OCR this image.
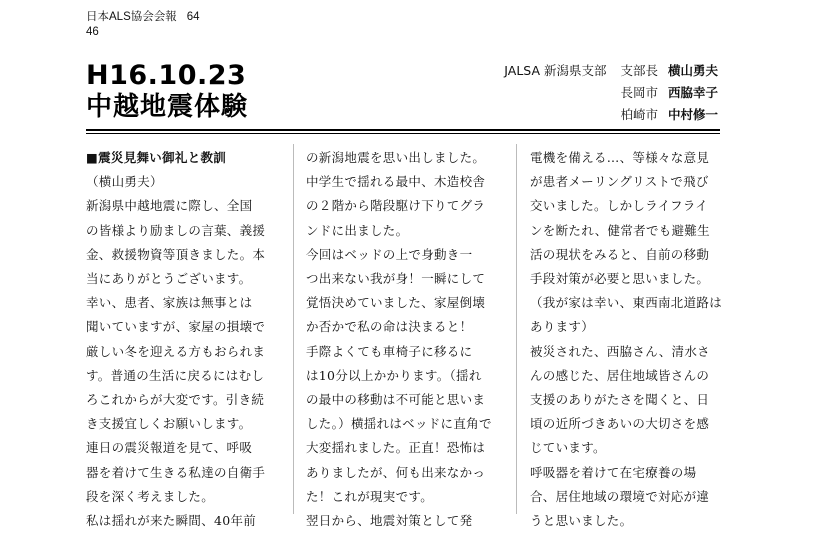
日本ALS協会会報 64
46
H16.10.23
中越地震体験
JALSA 新潟県支部 支部長 横山勇夫
長岡市 西脇幸子
柏崎市 中村修一

■震災見舞い御礼と教訓

（横山勇夫）

新潟県中越地震に際し、全国

の皆様より励ましの言葉、義援

金、救援物資等頂きました。本

当にありがとうございます。

幸い、患者、家族は無事とは

聞いていますが、家屋の損壊で

厳しい冬を迎える方もおられま

す。普通の生活に戻るにはむし

ろこれからが大変です。引き続

き支援宜しくお願いします。

連日の震災報道を見て、呼吸

器を着けて生きる私達の自衛手

段を深く考えました。

私は揺れが来た瞬間、40年前

の新潟地震を思い出しました。

中学生で揺れる最中、木造校舎

の２階から階段駆け下りてグラ

ンドに出ました。

今回はベッドの上で身動き一

つ出来ない我が身！一瞬にして

覚悟決めていました、家屋倒壊

か否かで私の命は決まると！

手際よくても車椅子に移るに

は10分以上かかります。（揺れ

の最中の移動は不可能と思いま

した。）横揺れはベッドに直角で

大変揺れました。正直！恐怖は

ありましたが、何も出来なかっ

た！これが現実です。

翌日から、地震対策として発

電機を備える…、等様々な意見

が患者メーリングリストで飛び

交いました。しかしライフライ

ンを断たれ、健常者でも避難生

活の現状をみると、自前の移動

手段対策が必要と思いました。

（我が家は幸い、東西南北道路は

あります）

被災された、西脇さん、清水さ

んの感じた、居住地域皆さんの

支援のありがたさを聞くと、日

頃の近所づきあいの大切さを感

じています。

呼吸器を着けて在宅療養の場

合、居住地域の環境で対応が違

うと思いました。
